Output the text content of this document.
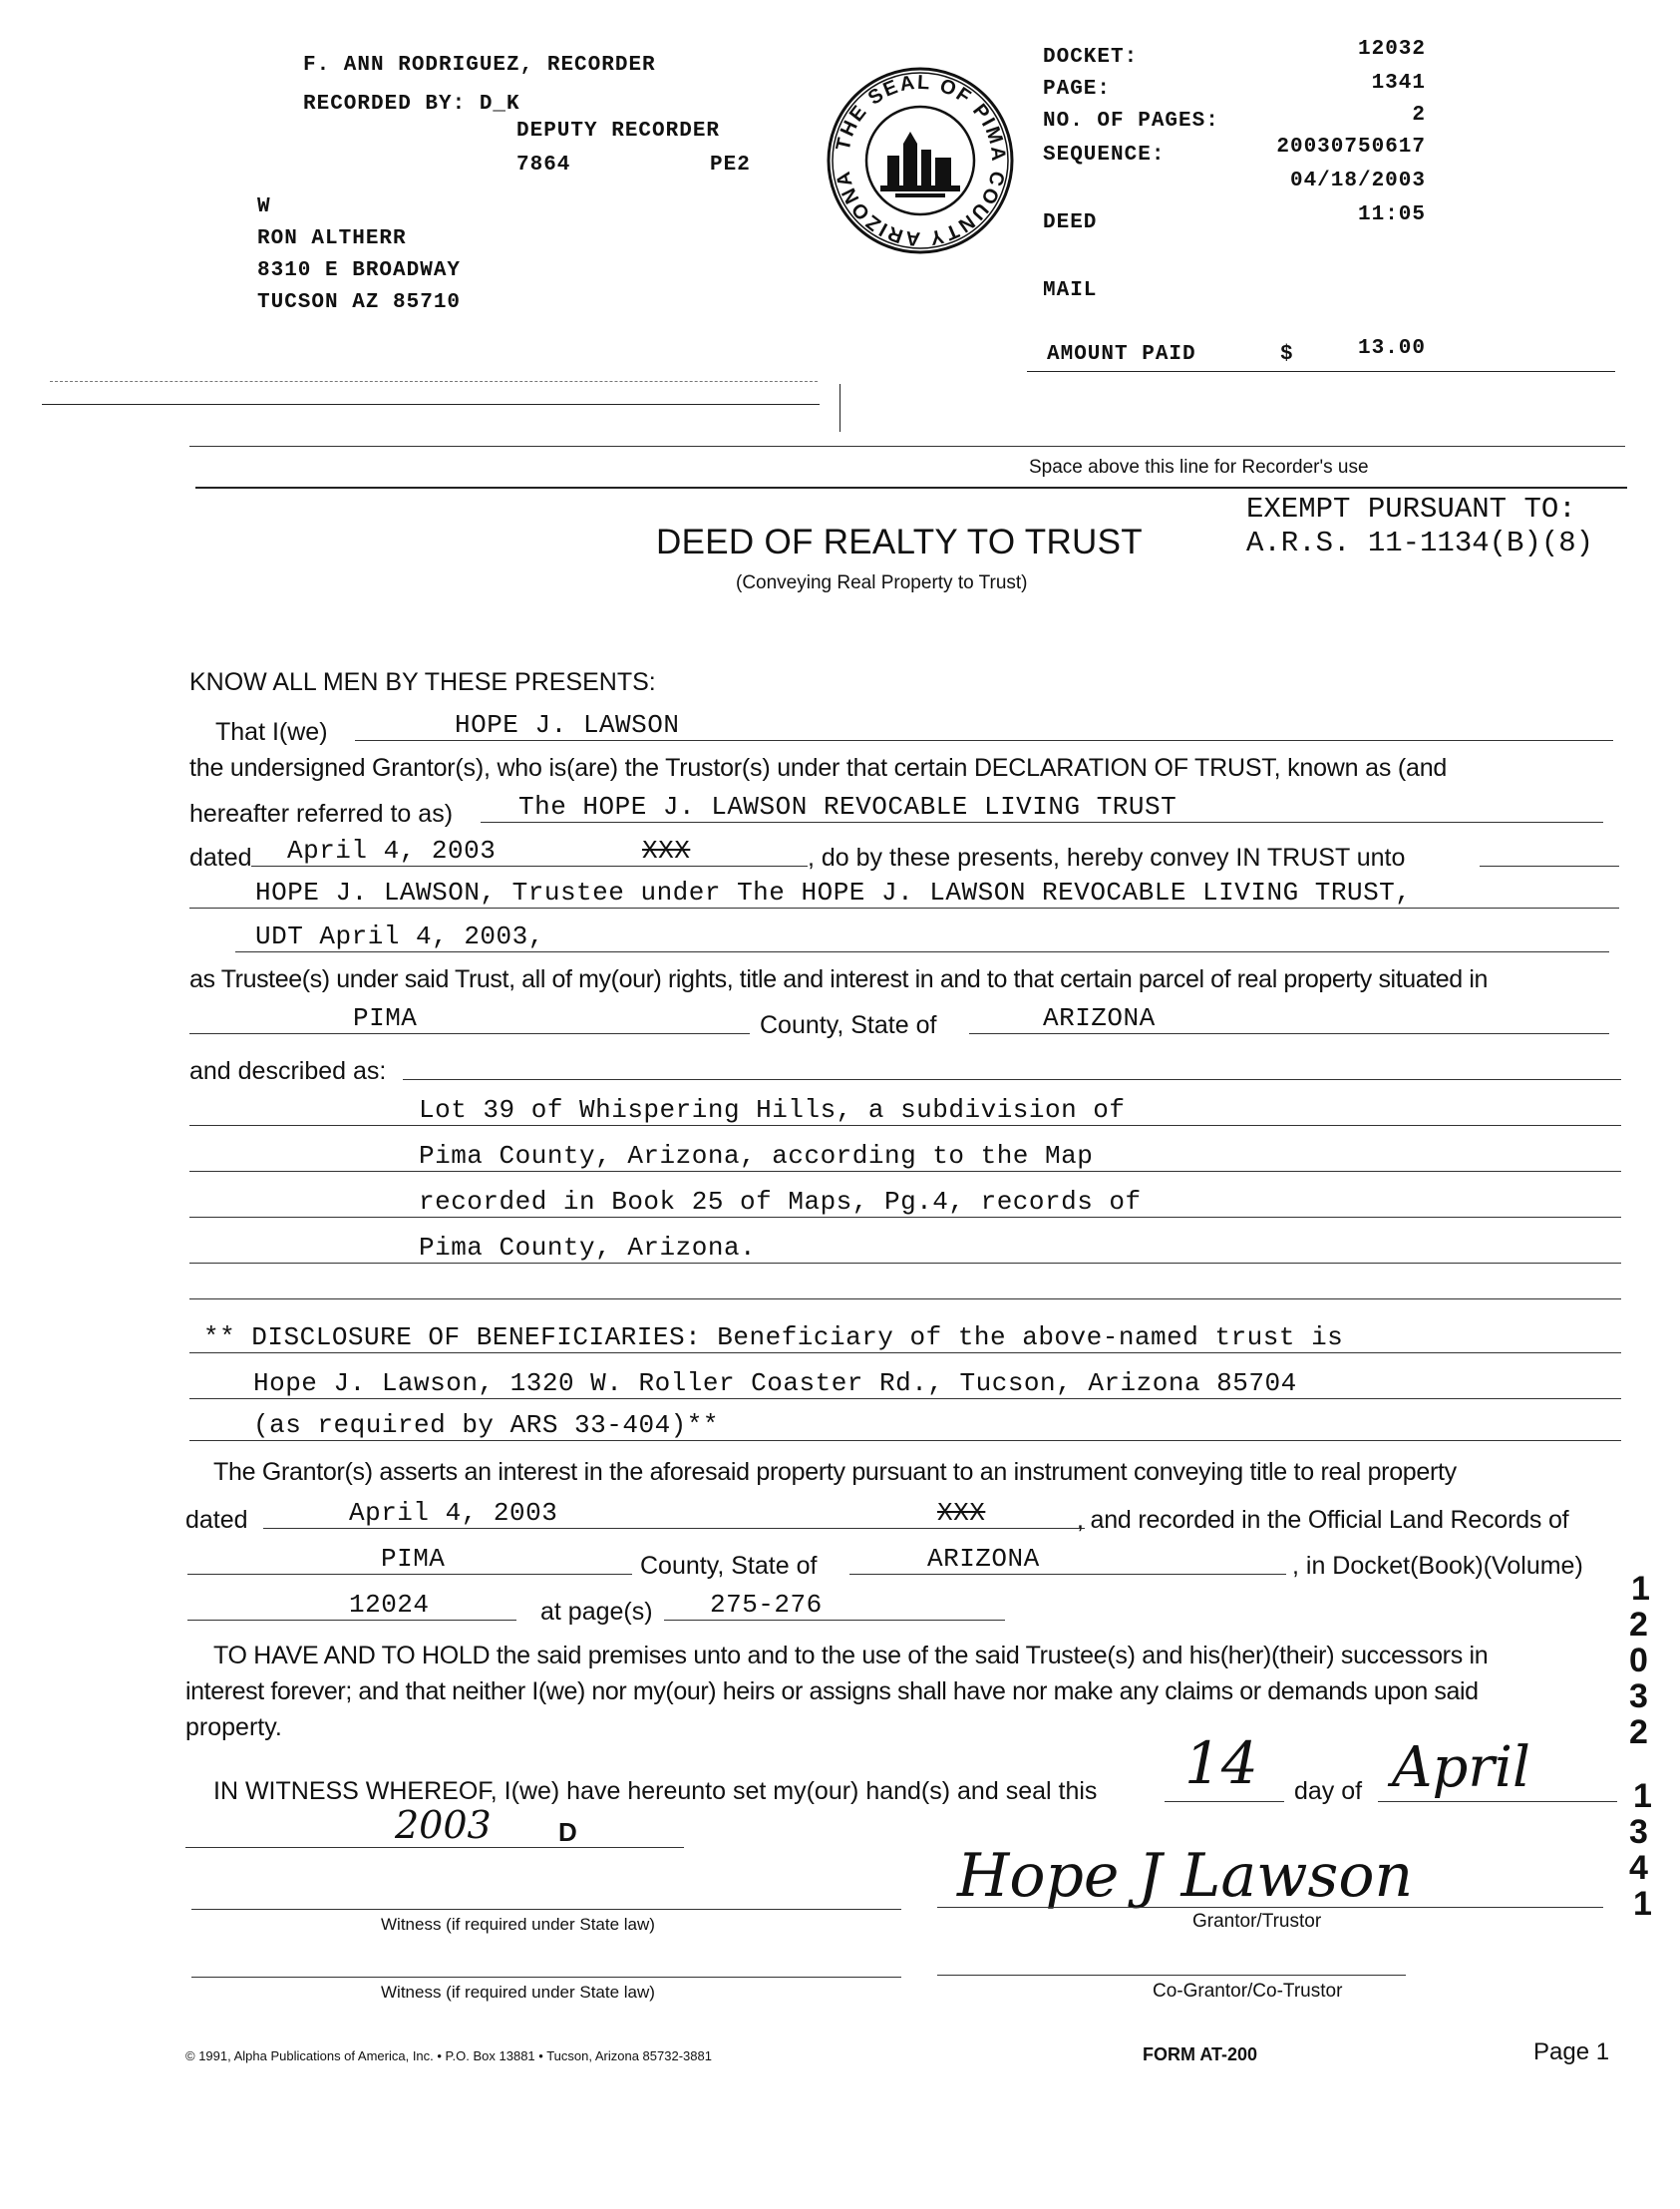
F. ANN RODRIGUEZ, RECORDER
RECORDED BY: D_K
DEPUTY RECORDER
7864	PE2
W
RON ALTHERR
8310 E BROADWAY
TUCSON AZ 85710
THE SEAL OF PIMA COUNTY ARIZONA
DOCKET:	12032
PAGE:	1341
NO. OF PAGES:	2
SEQUENCE:	20030750617
04/18/2003
DEED	11:05
MAIL
AMOUNT PAID	$	13.00
Space above this line for Recorder's use
EXEMPT PURSUANT TO:
A.R.S. 11-1134(B)(8)
DEED OF REALTY TO TRUST
(Conveying Real Property to Trust)
KNOW ALL MEN BY THESE PRESENTS:
That I(we)	HOPE J. LAWSON
the undersigned Grantor(s), who is(are) the Trustor(s) under that certain DECLARATION OF TRUST, known as (and
hereafter referred to as)	The HOPE J. LAWSON REVOCABLE LIVING TRUST
dated April 4, 2003	XXX	, do by these presents, hereby convey IN TRUST unto
HOPE J. LAWSON, Trustee under The HOPE J. LAWSON REVOCABLE LIVING TRUST,
UDT April 4, 2003,
as Trustee(s) under said Trust, all of my(our) rights, title and interest in and to that certain parcel of real property situated in
PIMA	County, State of	ARIZONA
and described as:
Lot 39 of Whispering Hills, a subdivision of
Pima County, Arizona, according to the Map
recorded in Book 25 of Maps, Pg.4, records of
Pima County, Arizona.
** DISCLOSURE OF BENEFICIARIES: Beneficiary of the above-named trust is
Hope J. Lawson, 1320 W. Roller Coaster Rd., Tucson, Arizona 85704
(as required by ARS 33-404)**
The Grantor(s) asserts an interest in the aforesaid property pursuant to an instrument conveying title to real property
dated	April 4, 2003	XXX	, and recorded in the Official Land Records of
PIMA	County, State of	ARIZONA	, in Docket(Book)(Volume)
12024	at page(s) 275-276
TO HAVE AND TO HOLD the said premises unto and to the use of the said Trustee(s) and his(her)(their) successors in
interest forever; and that neither I(we) nor my(our) heirs or assigns shall have nor make any claims or demands upon said
property.
IN WITNESS WHEREOF, I(we) have hereunto set my(our) hand(s) and seal this 14 day of April
2003	D
Witness (if required under State law)
Hope J Lawson
Grantor/Trustor
Witness (if required under State law)	Co-Grantor/Co-Trustor
1
2
0
3
2
1
3
4
1
© 1991, Alpha Publications of America, Inc. • P.O. Box 13881 • Tucson, Arizona 85732-3881	FORM AT-200	Page 1
